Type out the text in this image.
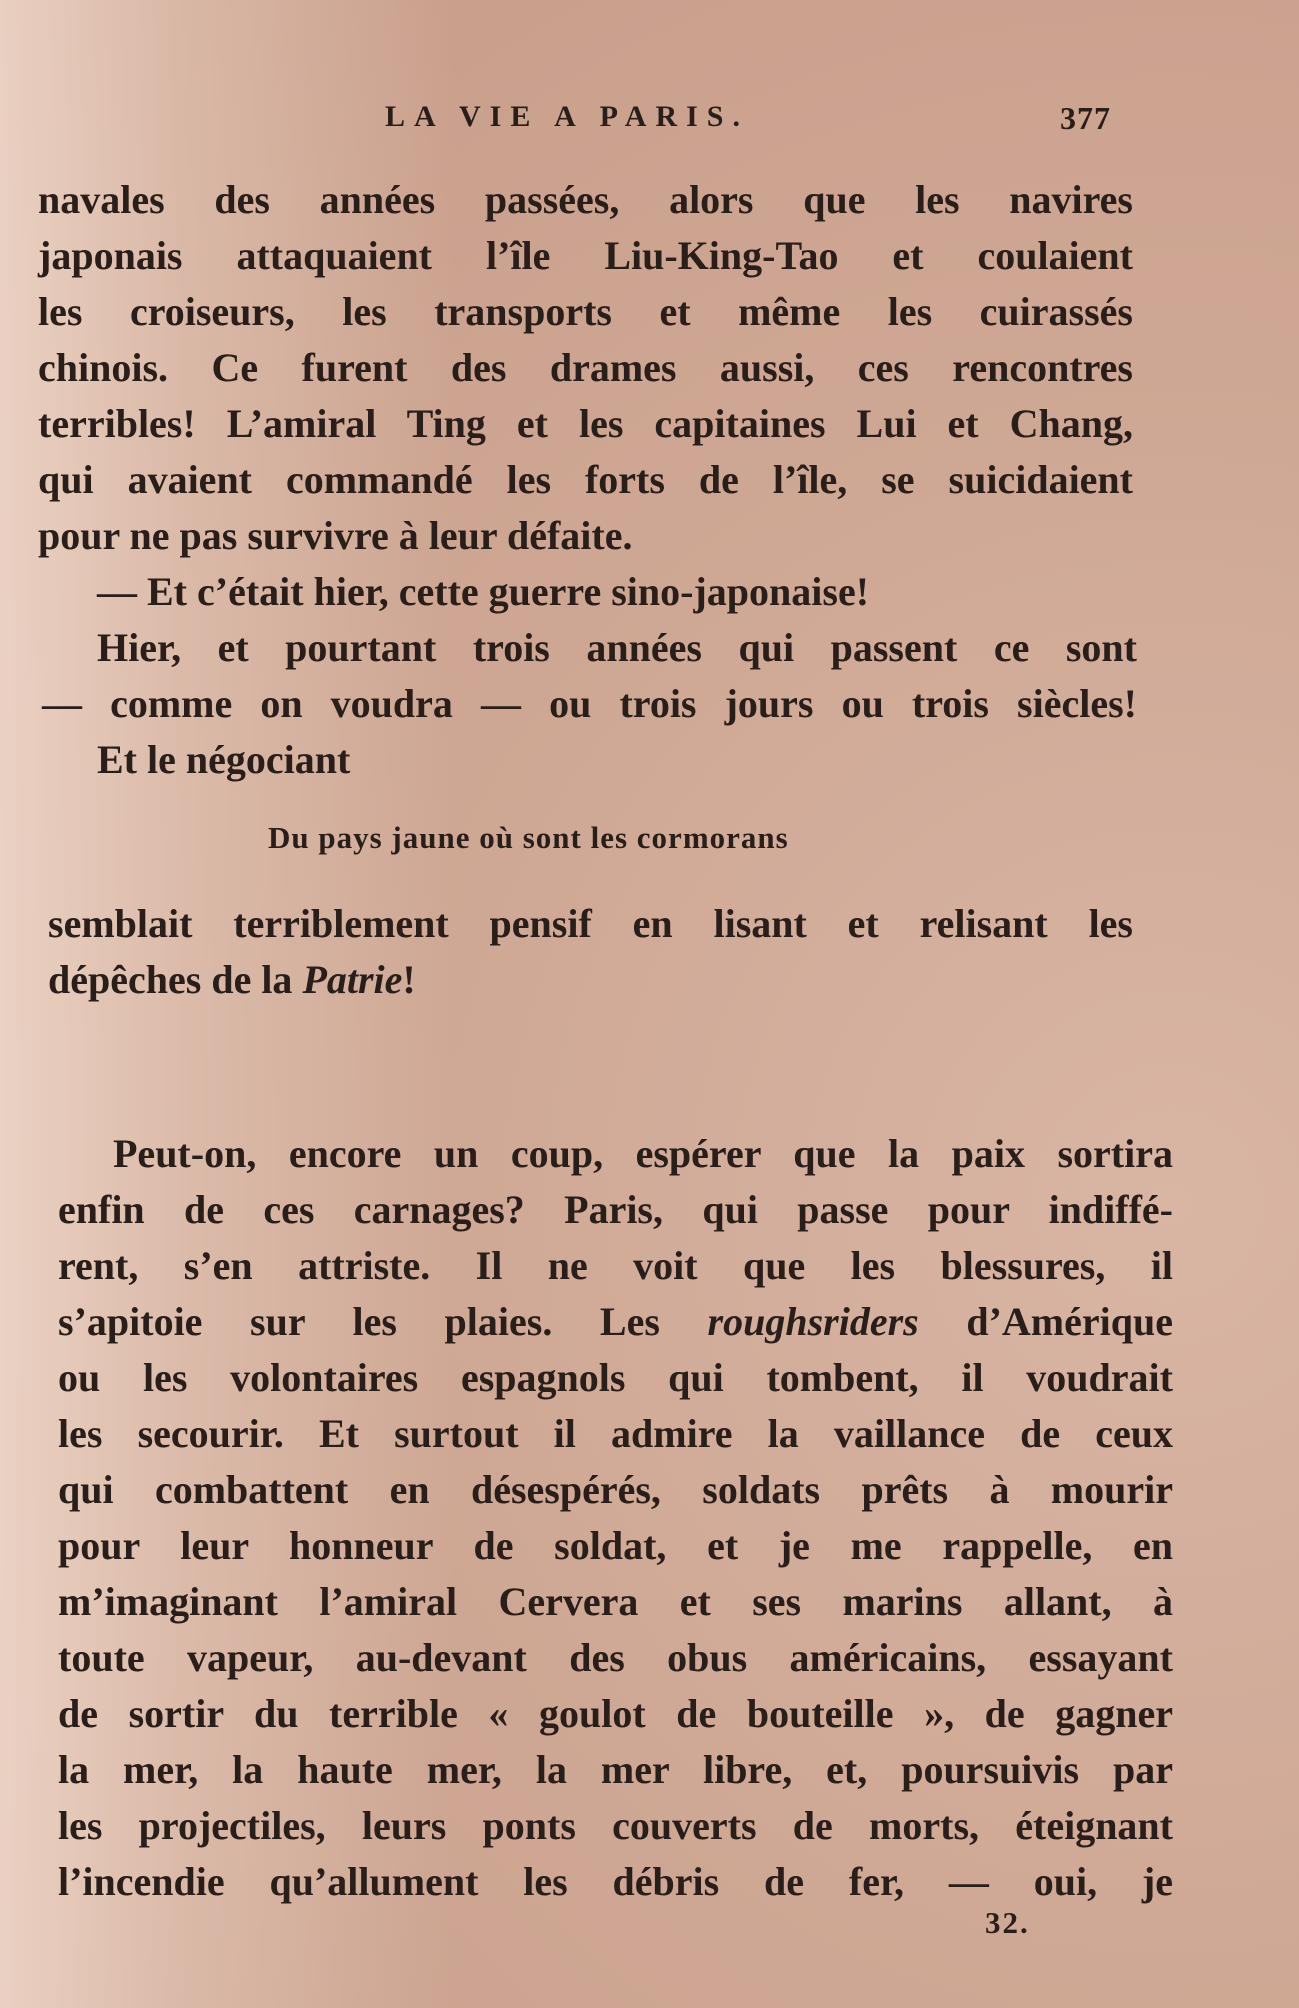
LA VIE A PARIS.	377
navales des années passées, alors que les navires
japonais attaquaient l’île Liu-King-Tao et coulaient
les croiseurs, les transports et même les cuirassés
chinois. Ce furent des drames aussi, ces rencontres
terribles! L’amiral Ting et les capitaines Lui et Chang,
qui avaient commandé les forts de l’île, se suicidaient
pour ne pas survivre à leur défaite.
— Et c’était hier, cette guerre sino-japonaise!
Hier, et pourtant trois années qui passent ce sont
— comme on voudra — ou trois jours ou trois siècles!
Et le négociant
Du pays jaune où sont les cormorans
semblait terriblement pensif en lisant et relisant les
dépêches de la Patrie!
Peut-on, encore un coup, espérer que la paix sortira
enfin de ces carnages? Paris, qui passe pour indiffé-
rent, s’en attriste. Il ne voit que les blessures, il
s’apitoie sur les plaies. Les roughsriders d’Amérique
ou les volontaires espagnols qui tombent, il voudrait
les secourir. Et surtout il admire la vaillance de ceux
qui combattent en désespérés, soldats prêts à mourir
pour leur honneur de soldat, et je me rappelle, en
m’imaginant l’amiral Cervera et ses marins allant, à
toute vapeur, au-devant des obus américains, essayant
de sortir du terrible « goulot de bouteille », de gagner
la mer, la haute mer, la mer libre, et, poursuivis par
les projectiles, leurs ponts couverts de morts, éteignant
l’incendie qu’allument les débris de fer, — oui, je
32.
